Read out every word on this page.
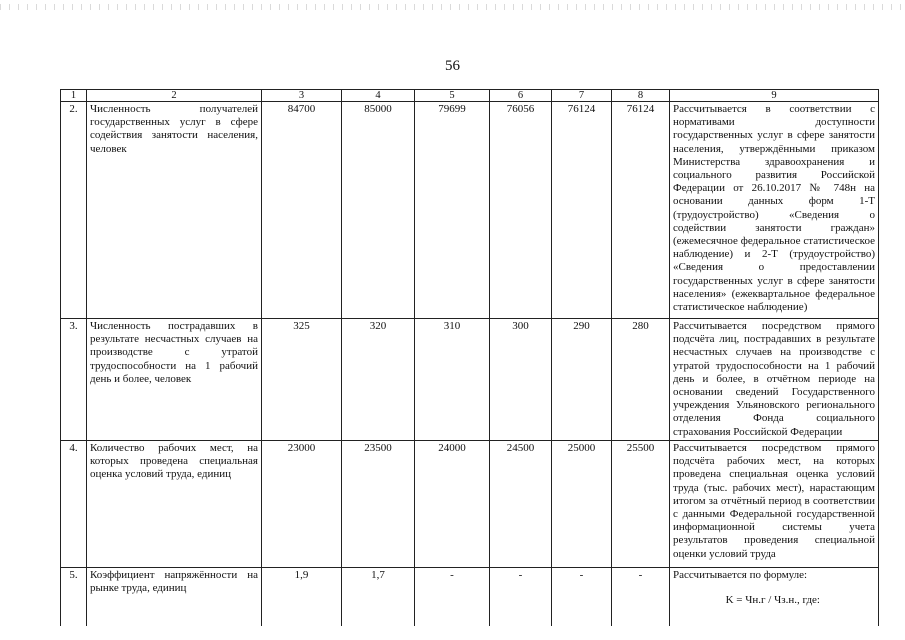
56
1	2	3	4	5	6	7	8	9
2.	Численность получателей государственных услуг в сфере содействия занятости населения, человек	84700	85000	79699	76056	76124	76124	Рассчитывается в соответствии с нормативами доступности государственных услуг в сфере занятости населения, утверждёнными приказом Министерства здравоохранения и социального развития Российской Федерации от 26.10.2017 № 748н на основании данных форм 1-Т (трудоустройство) «Сведения о содействии занятости граждан» (ежемесячное федеральное статистическое наблюдение) и 2-Т (трудоустройство) «Сведения о предоставлении государственных услуг в сфере занятости населения» (ежеквартальное федеральное статистическое наблюдение)
3.	Численность пострадавших в результате несчастных случаев на производстве с утратой трудоспособности на 1 рабочий день и более, человек	325	320	310	300	290	280	Рассчитывается посредством прямого подсчёта лиц, пострадавших в результате несчастных случаев на производстве с утратой трудоспособности на 1 рабочий день и более, в отчётном периоде на основании сведений Государственного учреждения Ульяновского регионального отделения Фонда социального страхования Российской Федерации
4.	Количество рабочих мест, на которых проведена специальная оценка условий труда, единиц	23000	23500	24000	24500	25000	25500	Рассчитывается посредством прямого подсчёта рабочих мест, на которых проведена специальная оценка условий труда (тыс. рабочих мест), нарастающим итогом за отчётный период в соответствии с данными Федеральной государственной информационной системы учета результатов проведения специальной оценки условий труда
5.	Коэффициент напряжённости на рынке труда, единиц	1,9	1,7	-	-	-	-	Рассчитывается по формуле:
K = Чн.г / Чз.н., где:
